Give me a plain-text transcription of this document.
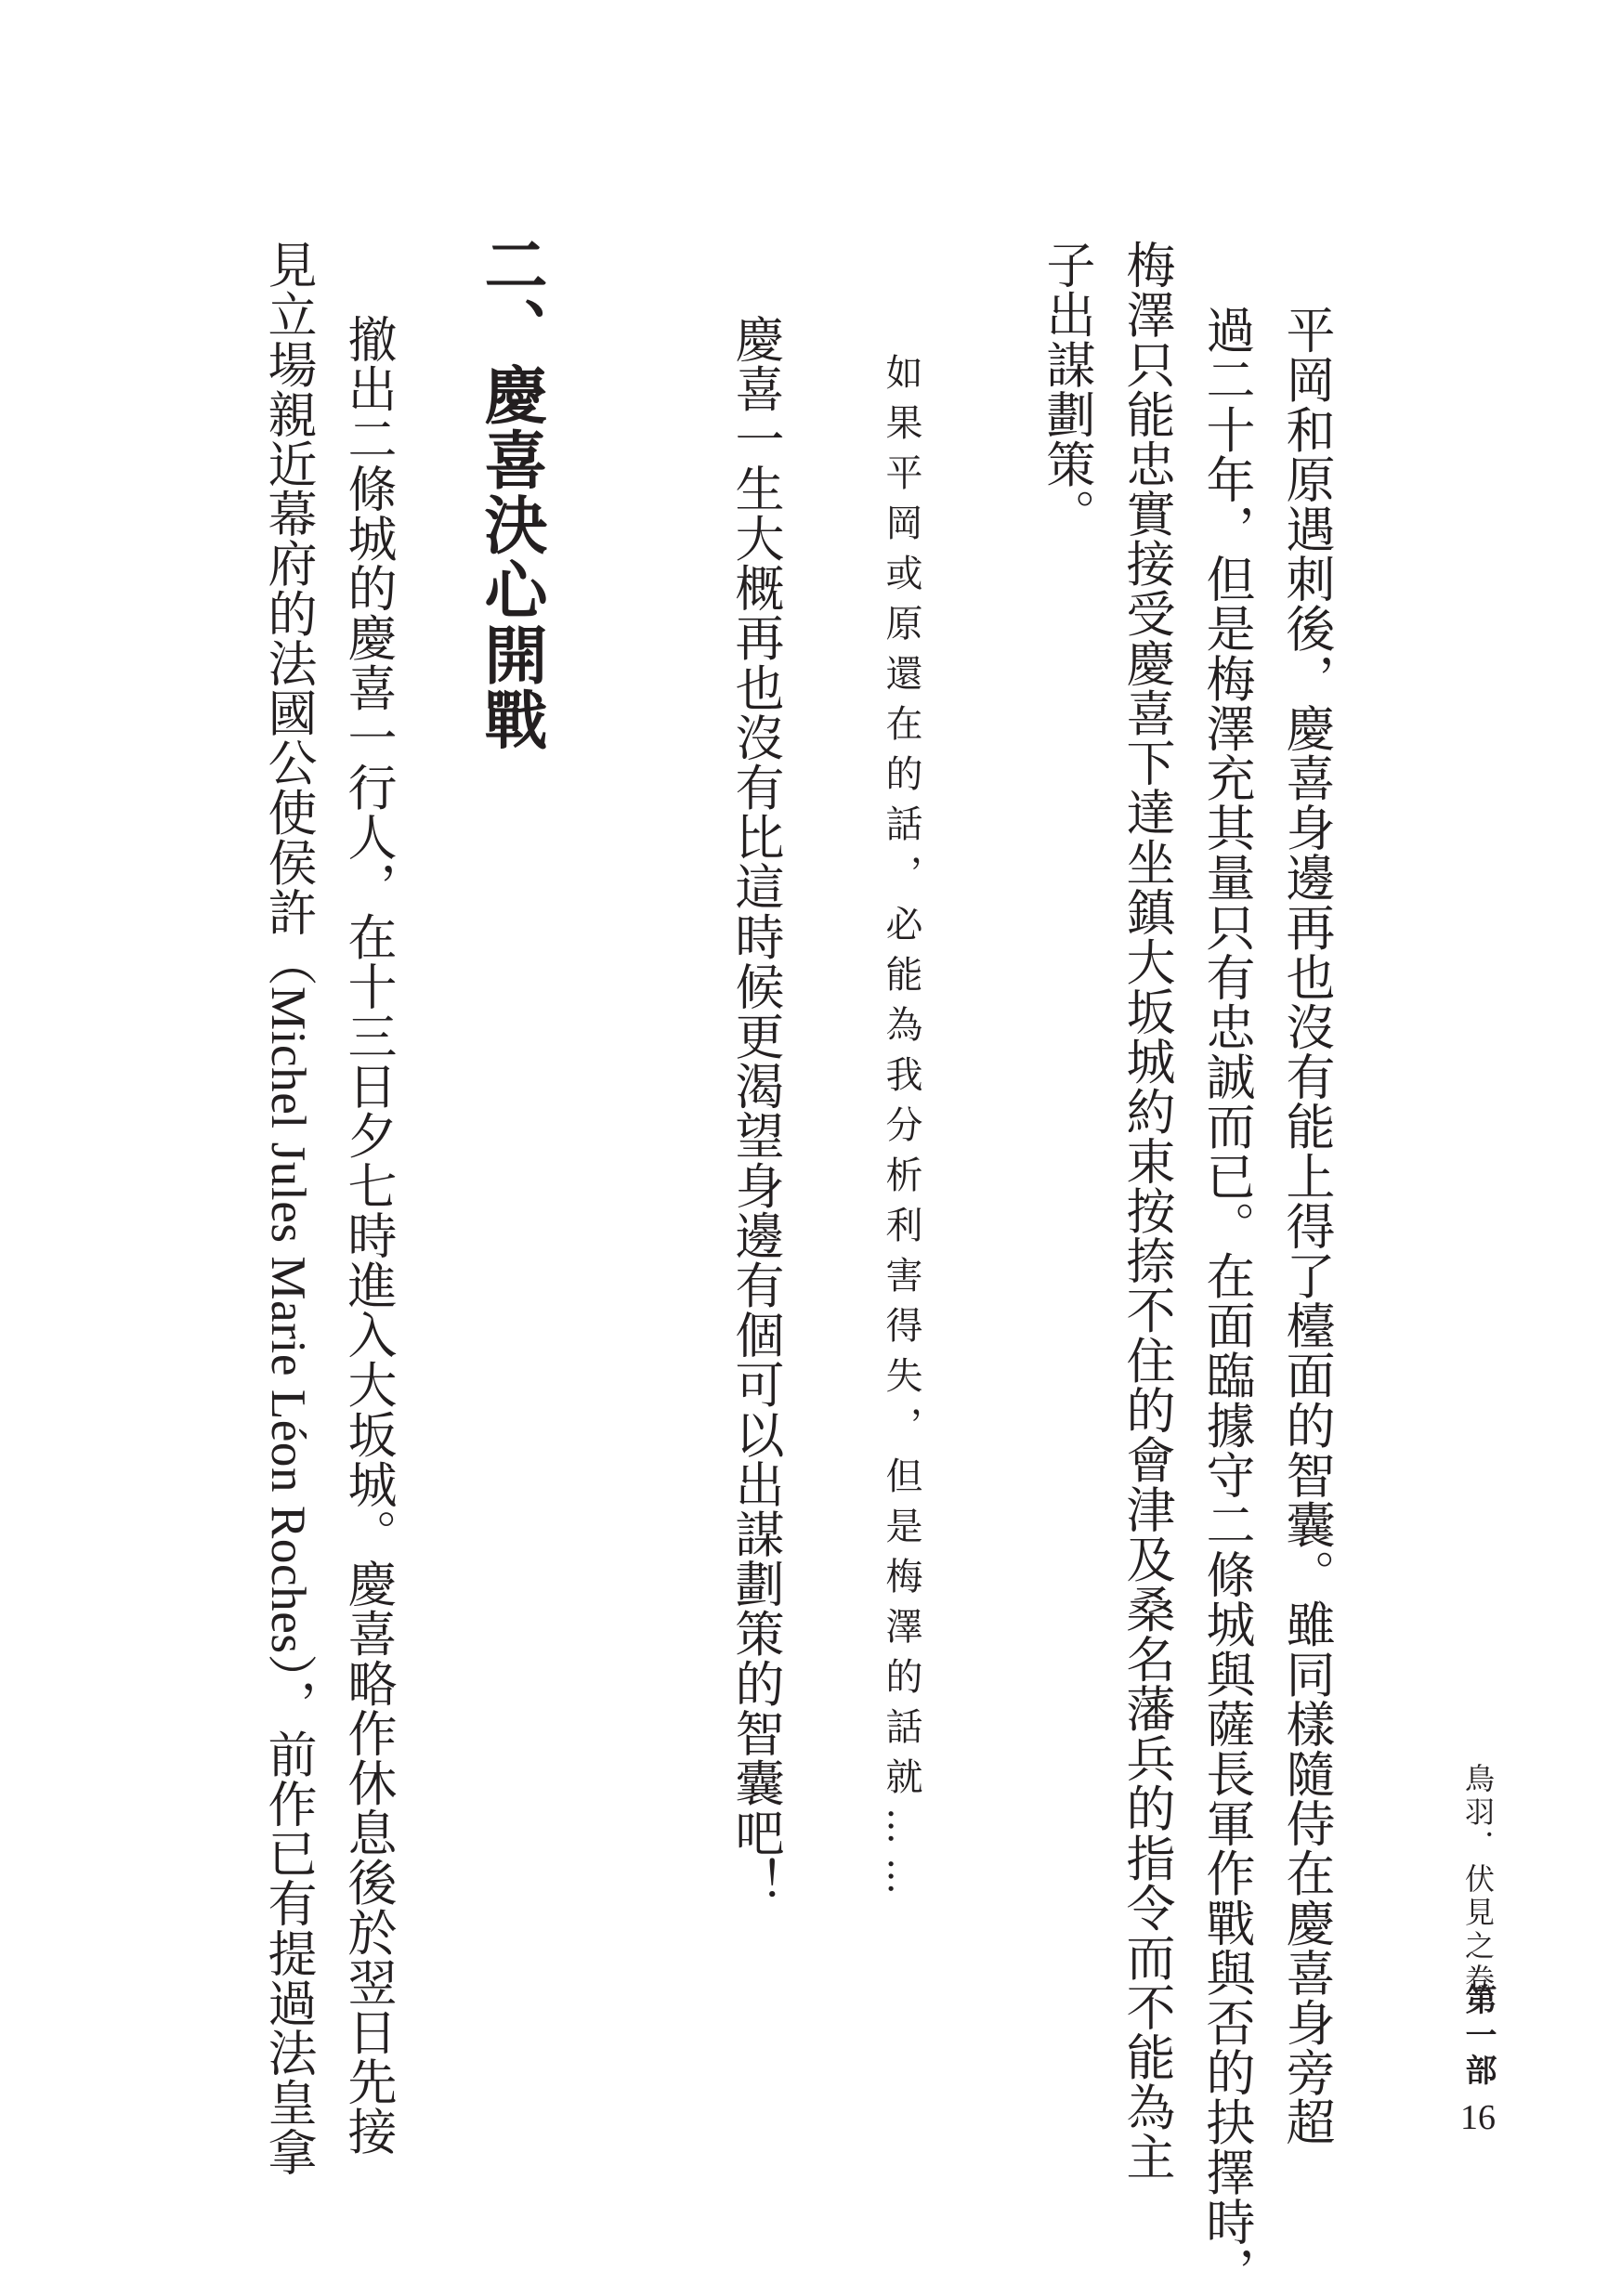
平岡和原遇刺後，慶喜身邊再也沒有能上得了檯面的智囊。雖同樣隨侍在慶喜身旁超
過二十年，但是梅澤充其量只有忠誠而已。在面臨據守二條城與薩長軍作戰與否的抉擇時，
梅澤只能忠實接受慶喜下達坐鎮大坂城約束按捺不住的會津及桑名藩兵的指令而不能為主
子出謀劃策。
如果平岡或原還在的話，必能為我分析利害得失，但是梅澤的話就……
慶喜一生大概再也沒有比這時候更渴望身邊有個可以出謀劃策的智囊吧！
二、慶喜決心開戰
撤出二條城的慶喜一行人，在十三日夕七時進入大坂城。慶喜略作休息後於翌日先接
見立場親近幕府的法國公使侯許（Michel Jules Marie Léon Roches），前作已有提過法皇拿	鳥羽．伏見之卷
第一部
16
